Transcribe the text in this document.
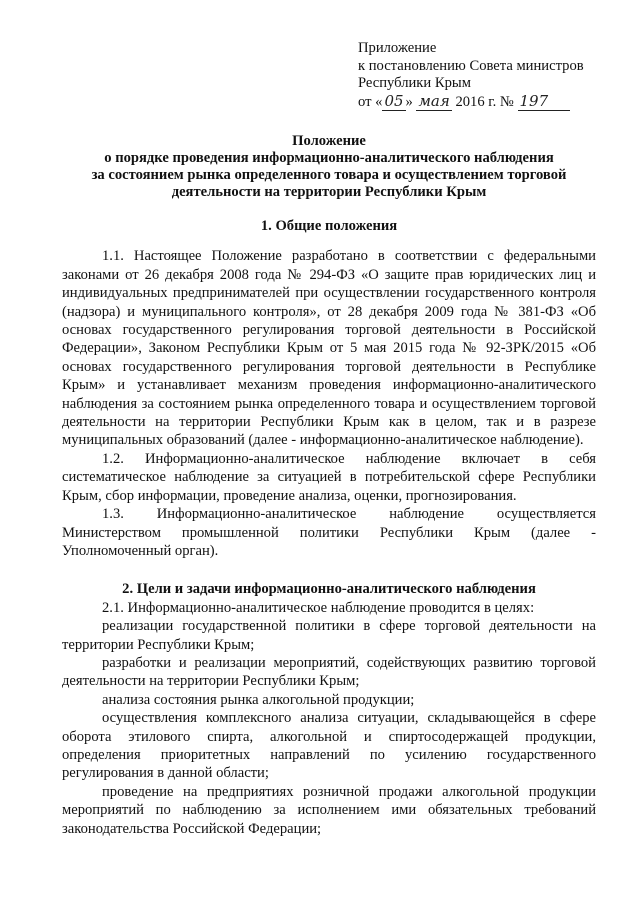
Приложение
к постановлению Совета министров
Республики Крым
от « 05 » мая 2016 г. № 197
Положение
о порядке проведения информационно-аналитического наблюдения
за состоянием рынка определенного товара и осуществлением торговой
деятельности на территории Республики Крым
1. Общие положения

1.1. Настоящее Положение разработано в соответствии с федеральными законами от 26 декабря 2008 года № 294-ФЗ «О защите прав юридических лиц и индивидуальных предпринимателей при осуществлении государственного контроля (надзора) и муниципального контроля», от 28 декабря 2009 года № 381-ФЗ «Об основах государственного регулирования торговой деятельности в Российской Федерации», Законом Республики Крым от 5 мая 2015 года № 92-ЗРК/2015 «Об основах государственного регулирования торговой деятельности в Республике Крым» и устанавливает механизм проведения информационно-аналитического наблюдения за состоянием рынка определенного товара и осуществлением торговой деятельности на территории Республики Крым как в целом, так и в разрезе муниципальных образований (далее - информационно-аналитическое наблюдение).

1.2. Информационно-аналитическое наблюдение включает в себя систематическое наблюдение за ситуацией в потребительской сфере Республики Крым, сбор информации, проведение анализа, оценки, прогнозирования.

1.3. Информационно-аналитическое наблюдение осуществляется Министерством промышленной политики Республики Крым (далее - Уполномоченный орган).

2. Цели и задачи информационно-аналитического наблюдения

2.1. Информационно-аналитическое наблюдение проводится в целях:

реализации государственной политики в сфере торговой деятельности на территории Республики Крым;

разработки и реализации мероприятий, содействующих развитию торговой деятельности на территории Республики Крым;

анализа состояния рынка алкогольной продукции;

осуществления комплексного анализа ситуации, складывающейся в сфере оборота этилового спирта, алкогольной и спиртосодержащей продукции, определения приоритетных направлений по усилению государственного регулирования в данной области;

проведение на предприятиях розничной продажи алкогольной продукции мероприятий по наблюдению за исполнением ими обязательных требований законодательства Российской Федерации;
